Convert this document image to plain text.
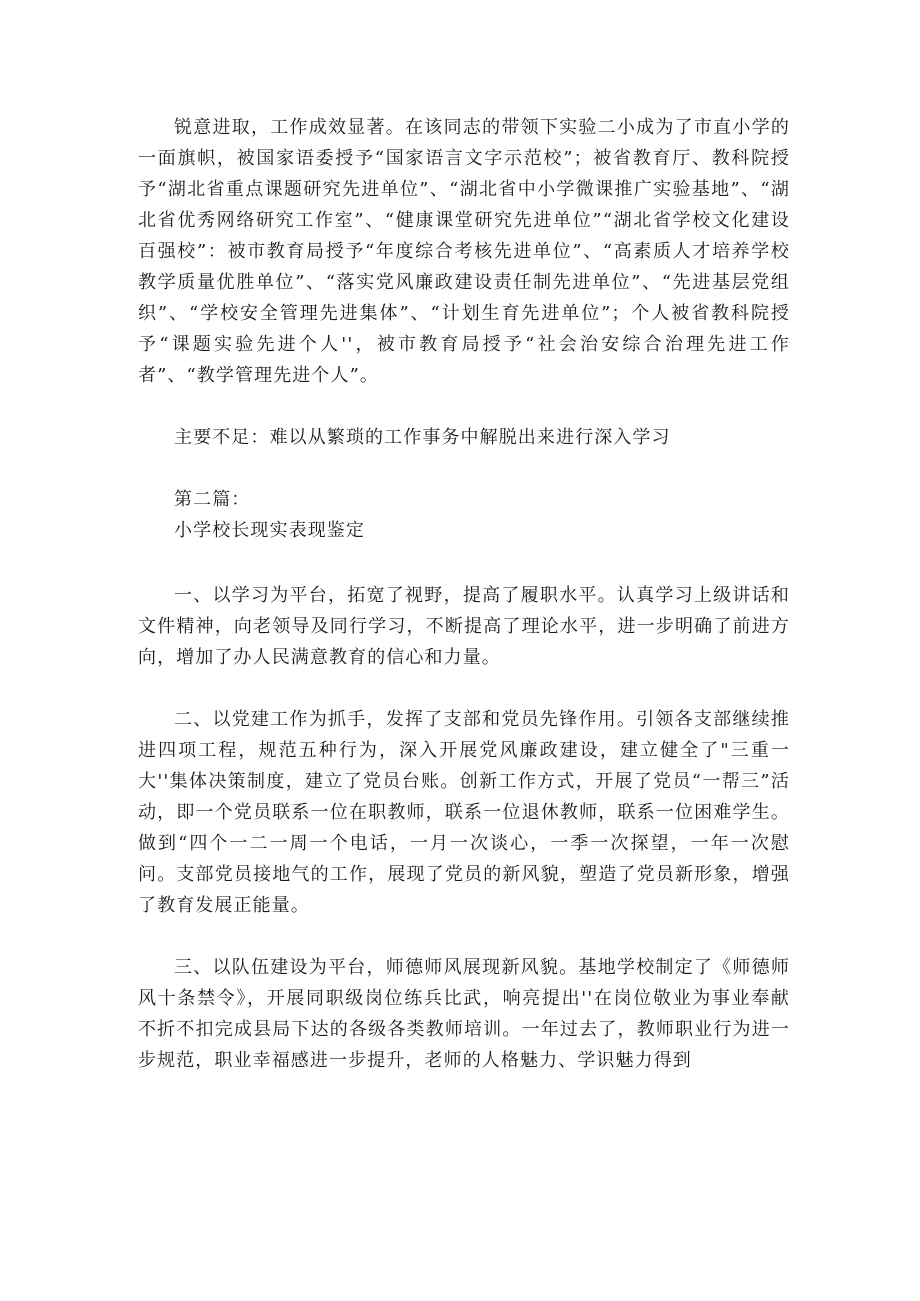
锐意进取，工作成效显著。在该同志的带领下实验二小成为了市直小学的一面旗帜，被国家语委授予“国家语言文字示范校”；被省教育厅、教科院授予“湖北省重点课题研究先进单位”、“湖北省中小学微课推广实验基地”、“湖北省优秀网络研究工作室”、“健康课堂研究先进单位”“湖北省学校文化建设百强校”：被市教育局授予“年度综合考核先进单位”、“高素质人才培养学校教学质量优胜单位”、“落实党风廉政建设责任制先进单位”、“先进基层党组织”、“学校安全管理先进集体”、“计划生育先进单位”；个人被省教科院授予“课题实验先进个人''，被市教育局授予“社会治安综合治理先进工作者”、“教学管理先进个人”。

主要不足：难以从繁琐的工作事务中解脱出来进行深入学习

第二篇：

小学校长现实表现鉴定

一、以学习为平台，拓宽了视野，提高了履职水平。认真学习上级讲话和文件精神，向老领导及同行学习，不断提高了理论水平，进一步明确了前进方向，增加了办人民满意教育的信心和力量。

二、以党建工作为抓手，发挥了支部和党员先锋作用。引领各支部继续推进四项工程，规范五种行为，深入开展党风廉政建设，建立健全了"三重一大''集体决策制度，建立了党员台账。创新工作方式，开展了党员“一帮三”活动，即一个党员联系一位在职教师，联系一位退休教师，联系一位困难学生。做到“四个一二一周一个电话，一月一次谈心，一季一次探望，一年一次慰问。支部党员接地气的工作，展现了党员的新风貌，塑造了党员新形象，增强了教育发展正能量。

三、以队伍建设为平台，师德师风展现新风貌。基地学校制定了《师德师风十条禁令》，开展同职级岗位练兵比武，响亮提出''在岗位敬业为事业奉献不折不扣完成县局下达的各级各类教师培训。一年过去了，教师职业行为进一步规范，职业幸福感进一步提升，老师的人格魅力、学识魅力得到
